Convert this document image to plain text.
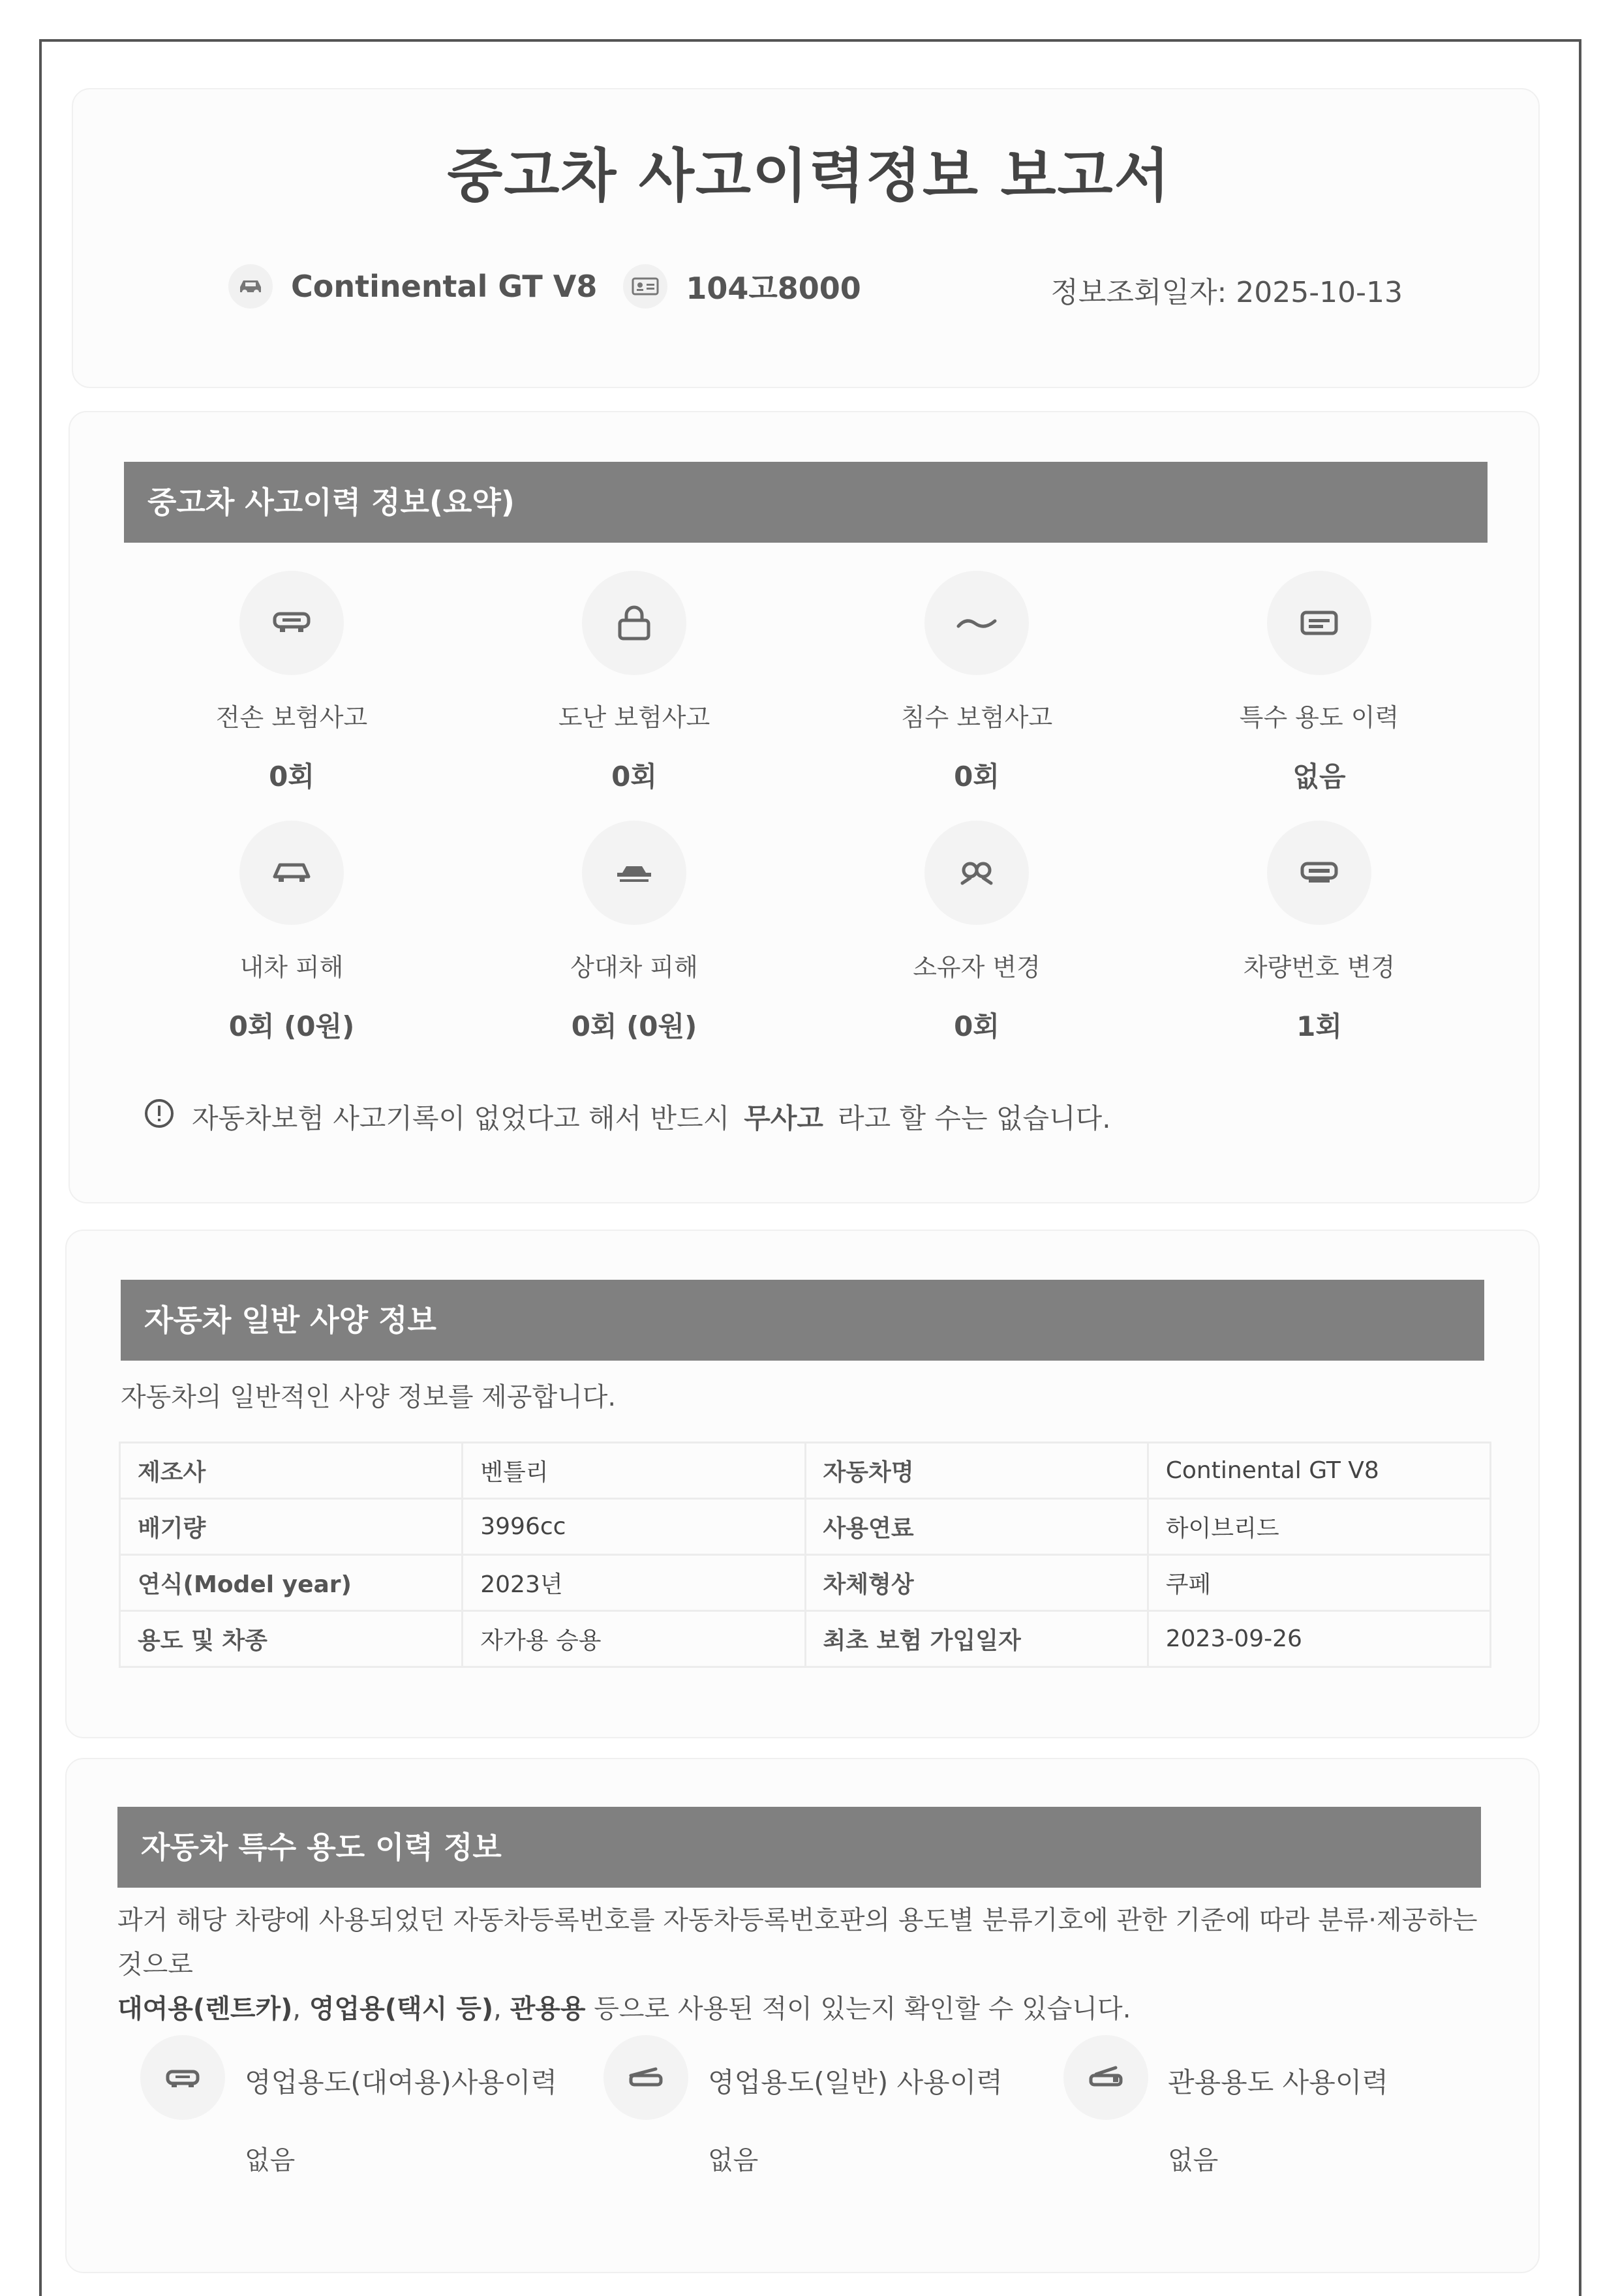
중고차 사고이력정보 보고서
Continental GT V8	104고8000	정보조회일자: 2025-10-13
중고차 사고이력 정보(요약)
전손 보험사고
0회
도난 보험사고
0회
침수 보험사고
0회
특수 용도 이력
없음
내차 피해
0회 (0원)
상대차 피해
0회 (0원)
소유자 변경
0회
차량번호 변경
1회
자동차보험 사고기록이 없었다고 해서 반드시 무사고 라고 할 수는 없습니다.
자동차 일반 사양 정보
자동차의 일반적인 사양 정보를 제공합니다.
제조사	벤틀리	자동차명	Continental GT V8
배기량	3996cc	사용연료	하이브리드
연식(Model year)	2023년	차체형상	쿠페
용도 및 차종	자가용 승용	최초 보험 가입일자	2023-09-26
자동차 특수 용도 이력 정보
과거 해당 차량에 사용되었던 자동차등록번호를 자동차등록번호판의 용도별 분류기호에 관한 기준에 따라 분류·제공하는 것으로
대여용(렌트카), 영업용(택시 등), 관용용 등으로 사용된 적이 있는지 확인할 수 있습니다.
영업용도(대여용)사용이력
없음
영업용도(일반) 사용이력
없음
관용용도 사용이력
없음
